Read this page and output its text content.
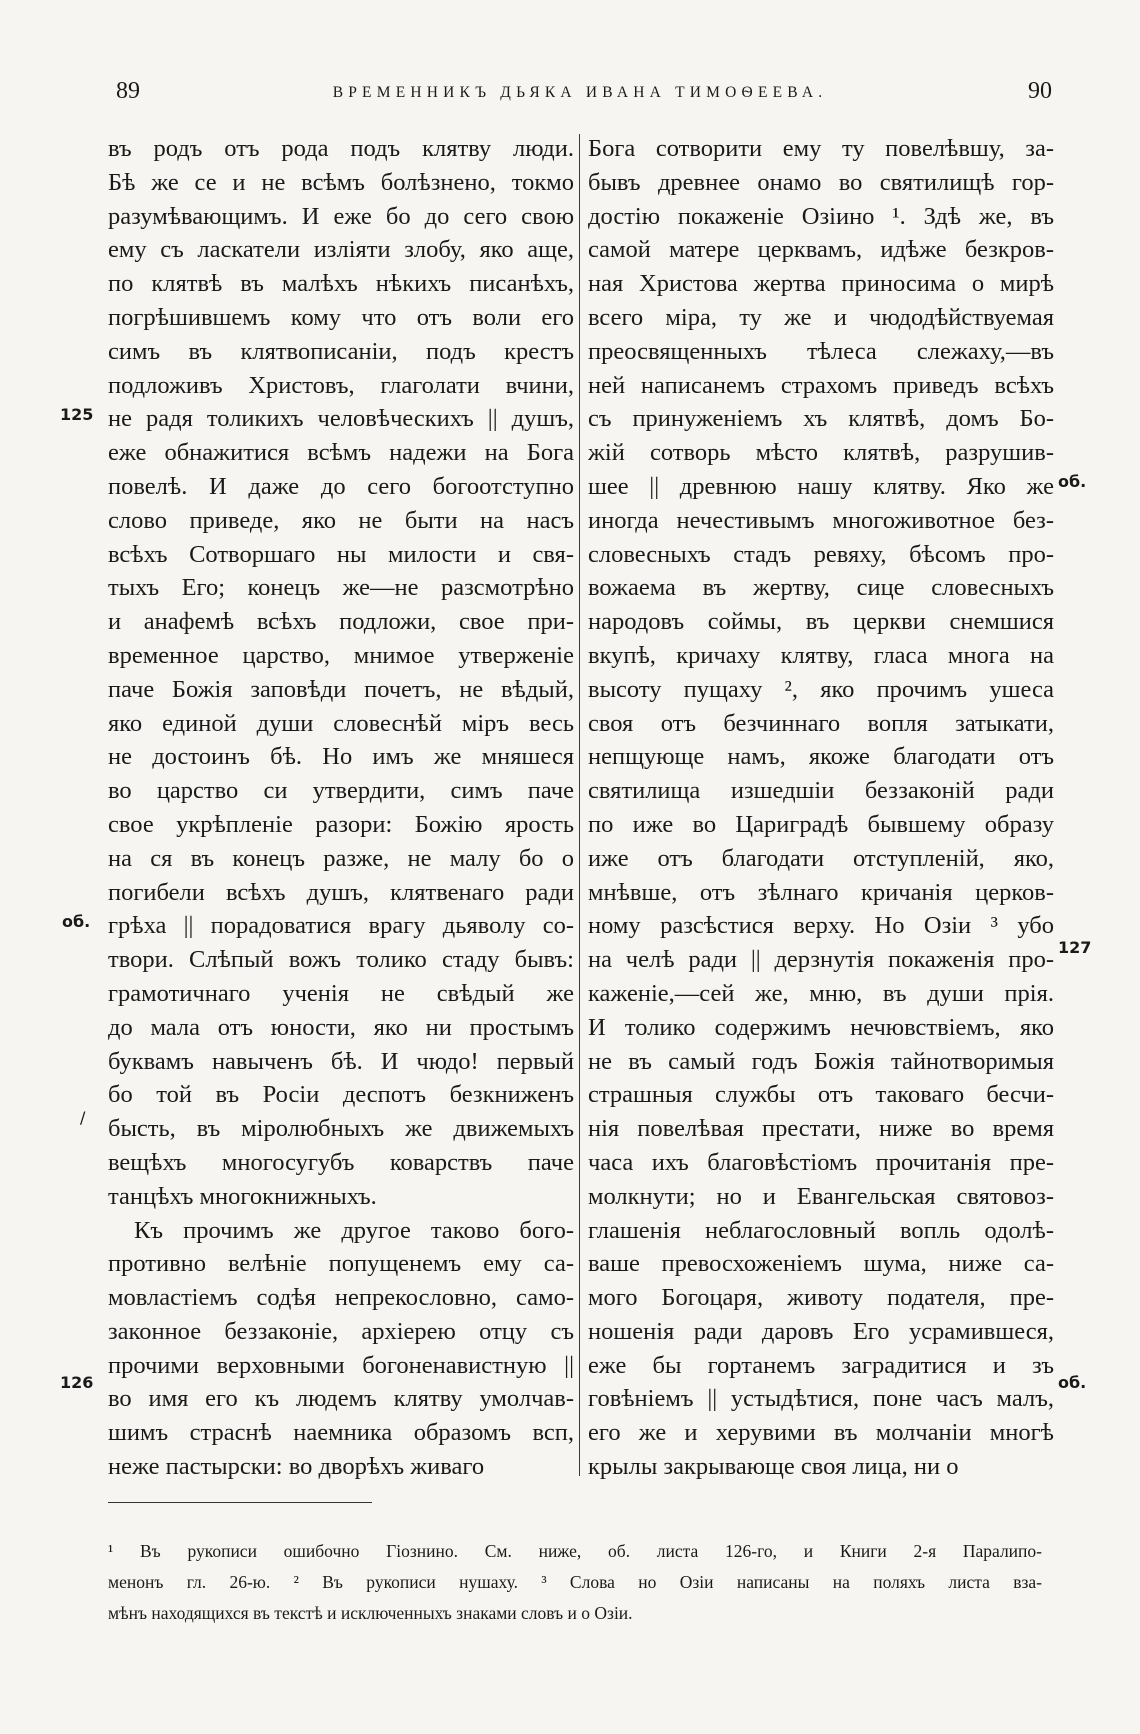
89	ВРЕМЕННИКЪ ДЬЯКА ИВАНА ТИМОѲЕЕВА.	90
въ родъ отъ рода подъ клятву люди.
Бѣ же се и не всѣмъ болѣзнено, токмо
разумѣвающимъ. И еже бо до сего свою
ему съ ласкатели изліяти злобу, яко аще,
по клятвѣ въ малѣхъ нѣкихъ писанѣхъ,
погрѣшившемъ кому что отъ воли его
симъ въ клятвописаніи, подъ крестъ
подложивъ Христовъ, глаголати вчини,
не радя толикихъ человѣческихъ || душъ,
еже обнажитися всѣмъ надежи на Бога
повелѣ. И даже до сего богоотступно
слово приведе, яко не быти на насъ
всѣхъ Сотворшаго ны милости и свя-
тыхъ Его; конецъ же—не разсмотрѣно
и анафемѣ всѣхъ подложи, свое при-
временное царство, мнимое утверженіе
паче Божія заповѣди почетъ, не вѣдый,
яко единой души словеснѣй міръ весь
не достоинъ бѣ. Но имъ же мняшеся
во царство си утвердити, симъ паче
свое укрѣпленіе разори: Божію ярость
на ся въ конецъ разже, не малу бо о
погибели всѣхъ душъ, клятвенаго ради
грѣха || порадоватися врагу дьяволу со-
твори. Слѣпый вожъ толико стаду бывъ:
грамотичнаго ученія не свѣдый же
до мала отъ юности, яко ни простымъ
буквамъ навыченъ бѣ. И чюдо! первый
бо той въ Росіи деспотъ безкниженъ
бысть, въ міролюбныхъ же движемыхъ
вещѣхъ многосугубъ коварствъ паче
танцѣхъ многокнижныхъ.
Къ прочимъ же другое таково бого-
противно велѣніе попущенемъ ему са-
мовластіемъ содѣя непрекословно, само-
законное беззаконіе, архіерею отцу съ
прочими верховными богоненавистную ||
во имя его къ людемъ клятву умолчав-
шимъ страснѣ наемника образомъ всп,
неже пастырски: во дворѣхъ живаго
Бога сотворити ему ту повелѣвшу, за-
бывъ древнее онамо во святилищѣ гор-
достію покаженіе Озіино ¹. Здѣ же, въ
самой матере церквамъ, идѣже безкров-
ная Христова жертва приносима о мирѣ
всего міра, ту же и чюдодѣйствуемая
преосвященныхъ тѣлеса слежаху,—въ
ней написанемъ страхомъ приведъ всѣхъ
съ принуженіемъ хъ клятвѣ, домъ Бо-
жій сотворь мѣсто клятвѣ, разрушив-
шее || древнюю нашу клятву. Яко же
иногда нечестивымъ многоживотное без-
словесныхъ стадъ ревяху, бѣсомъ про-
вожаема въ жертву, сице словесныхъ
народовъ соймы, въ церкви снемшися
вкупѣ, кричаху клятву, гласа многа на
высоту пущаху ², яко прочимъ ушеса
своя отъ безчиннаго вопля затыкати,
непщующе намъ, якоже благодати отъ
святилища изшедшіи беззаконій ради
по иже во Цариградѣ бывшему образу
иже отъ благодати отступленій, яко,
мнѣвше, отъ зѣлнаго кричанія церков-
ному разсѣстися верху. Но Озіи ³ убо
на челѣ ради || дерзнутія покаженія про-
каженіе,—сей же, мню, въ души прія.
И толико содержимъ нечювствіемъ, яко
не въ самый годъ Божія тайнотворимыя
страшныя службы отъ таковаго бесчи-
нія повелѣвая престати, ниже во время
часа ихъ благовѣстіомъ прочитанія пре-
молкнути; но и Евангельская святовоз-
глашенія неблагословный вопль одолѣ-
ваше превосхоженіемъ шума, ниже са-
мого Богоцаря, животу подателя, пре-
ношенія ради даровъ Его усрамившеся,
еже бы гортанемъ заградитися и зъ
говѣніемъ || устыдѣтися, поне часъ малъ,
его же и херувими въ молчаніи многѣ
крылы закрывающе своя лица, ни о
125
об.
/
126
об.
127
об.
¹ Въ рукописи ошибочно Гіознино. См. ниже, об. листа 126-го, и Книги 2-я Паралипо-
менонъ гл. 26-ю. ² Въ рукописи нушаху. ³ Слова но Озіи написаны на поляхъ листа вза-
мѣнъ находящихся въ текстѣ и исключенныхъ знаками словъ и о Озіи.
